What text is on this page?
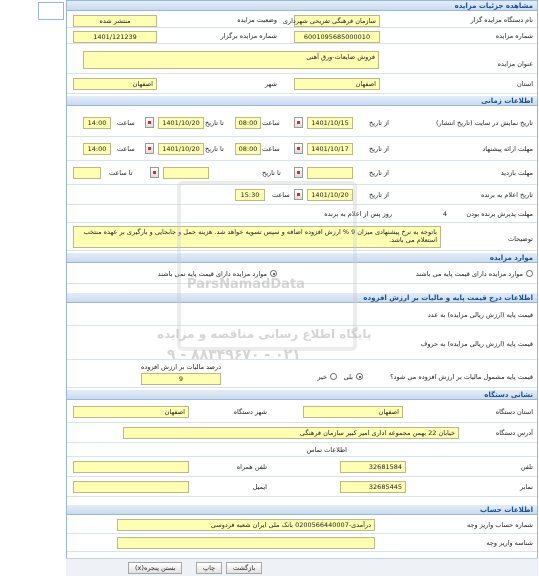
مشاهده جزئیات مزایده
نام دستگاه مزایده گزار
سازمان فرهنگی تفریحی شهرداری
وضعیت مزایده
منتشر شده
شماره مزایده
6001095685000010
شماره مزایده برگزار
1401/121239
عنوان مزایده
فروش ضایعات-ورق آهنی
استان
اصفهان
شهر
اصفهان
اطلاعات زمانی
تاریخ نمایش در سایت (تاریخ انتشار)
از تاریخ
1401/10/15
ساعت
08:00
تا تاریخ
1401/10/20
ساعت
14:00
مهلت ارائه پیشنهاد
از تاریخ
1401/10/17
ساعت
08:00
تا تاریخ
1401/10/20
ساعت
14:00
مهلت بازدید
از تاریخ
تا تاریخ
تا ساعت
تاریخ اعلام به برنده
از تاریخ
1401/10/20
ساعت
15:30
مهلت پذیرش برنده بودن
4
روز پس از اعلام به برنده
توضیحات
باتوجه به نرخ پیشنهادی میزان 9 % ارزش افزوده اضافه و سپس تسویه خواهد شد. هزینه حمل و جابجایی و بارگیری بر عهده منتخب استعلام می باشد.
موارد مزایده
موارد مزایده دارای قیمت پایه می باشند
موارد مزایده دارای قیمت پایه نمی باشند
اطلاعات درج قیمت پایه و مالیات بر ارزش افزوده
قیمت پایه (ارزش ریالی مزایده) به عدد
قیمت پایه (ارزش ریالی مزایده) به حروف
قیمت پایه مشمول مالیات بر ارزش افزوده می شود؟
بلی
خیر
درصد مالیات بر ارزش افزوده
9
نشانی دستگاه
استان دستگاه
اصفهان
شهر دستگاه
اصفهان
آدرس دستگاه
خیابان 22 بهمن مجموعه اداری امیر کبیر سازمان فرهنگی
اطلاعات تماس
تلفن
32681584
تلفن همراه
نمابر
32685445
ایمیل
اطلاعات حساب
شماره حساب واریز وجه
درآمدی-0200566440007 بانک ملی ایران شعبه فردوسی
شناسه واریز وجه
ParsNamadData
پایگاه اطلاع رسانی مناقصه و مزایده
۰۲۱ - ۸۸۳۴۹۶۷۰ - ۹
بازگشت
چاپ
بستن پنجره(x)
